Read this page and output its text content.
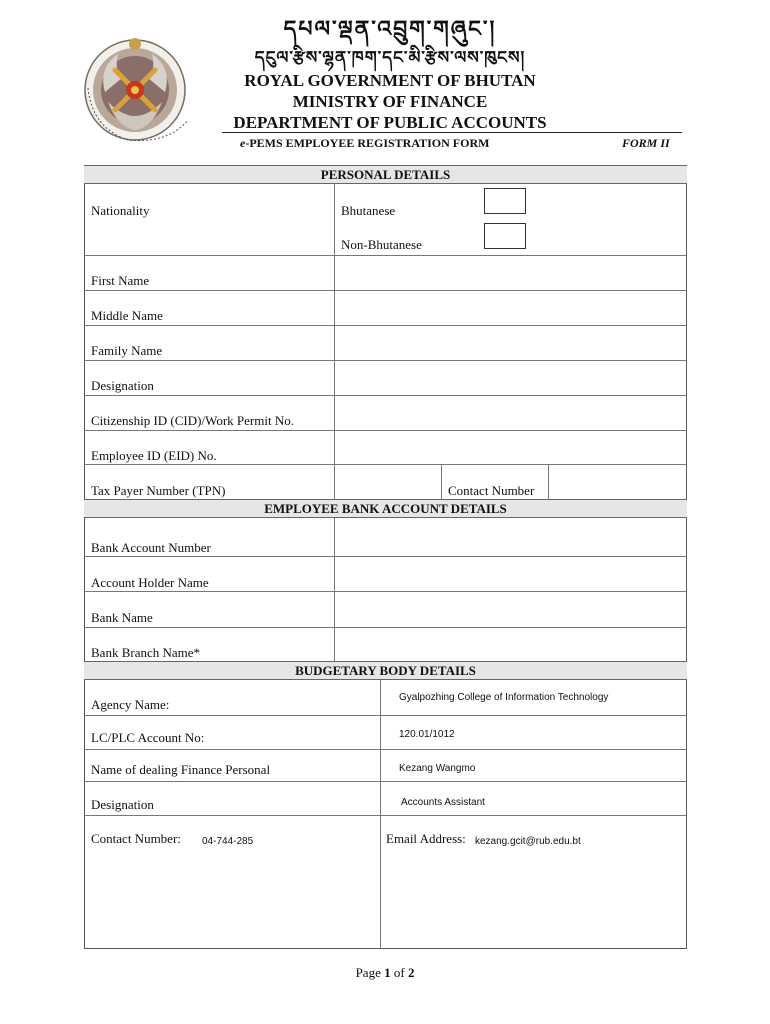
དཔལ་ལྡན་འབྲུག་གཞུང་།
དངུལ་རྩིས་ལྷན་ཁག་དང་མི་རྩིས་ལས་ཁུངས།
ROYAL GOVERNMENT OF BHUTAN
MINISTRY OF FINANCE
DEPARTMENT OF PUBLIC ACCOUNTS
e-PEMS EMPLOYEE REGISTRATION FORM	FORM II
PERSONAL DETAILS
Nationality	Bhutanese
Non-Bhutanese
First Name
Middle Name
Family Name
Designation
Citizenship ID (CID)/Work Permit No.
Employee ID (EID) No.
Tax Payer Number (TPN)	Contact Number
EMPLOYEE BANK ACCOUNT DETAILS
Bank Account Number
Account Holder Name
Bank Name
Bank Branch Name*
BUDGETARY BODY DETAILS
Agency Name:	Gyalpozhing College of Information Technology
LC/PLC Account No:	120.01/1012
Name of dealing Finance Personal	Kezang Wangmo
Designation	Accounts Assistant
Contact Number: 04-744-285	Email Address: kezang.gcit@rub.edu.bt
Page 1 of 2
